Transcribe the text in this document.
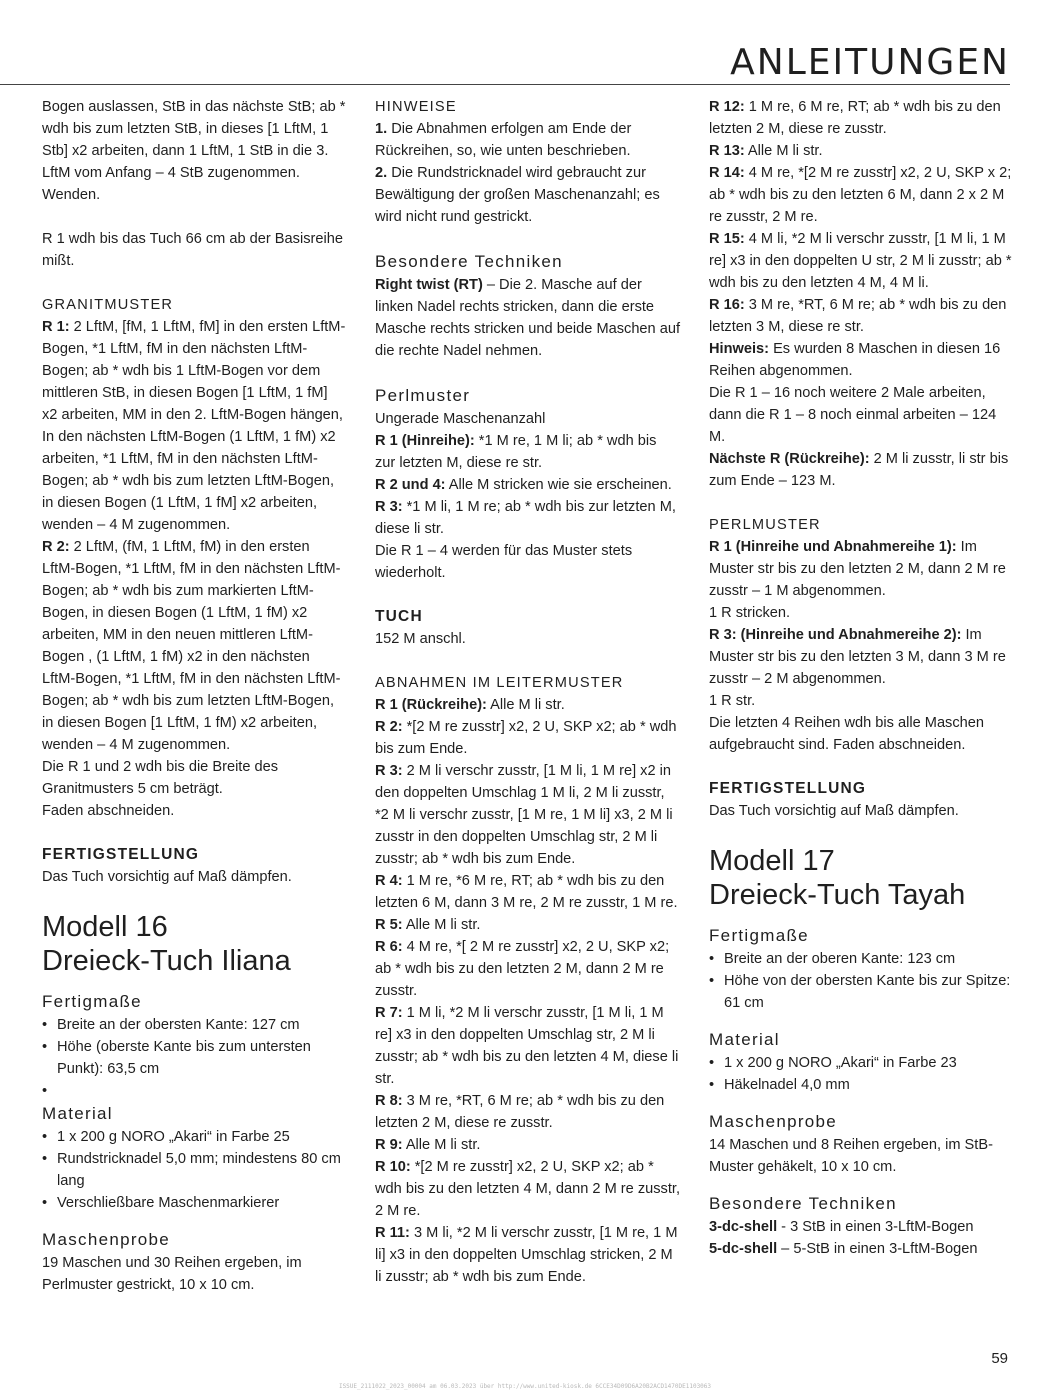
ANLEITUNGEN

Bogen auslassen, StB in das nächste StB; ab * wdh bis zum letzten StB, in dieses [1 LftM, 1 Stb] x2 arbeiten, dann 1 LftM, 1 StB in die 3. LftM vom Anfang – 4 StB zugenommen. Wenden.

R 1 wdh bis das Tuch 66 cm ab der Basisreihe mißt.

GRANITMUSTER

R 1: 2 LftM, [fM, 1 LftM, fM] in den ersten LftM-Bogen, *1 LftM, fM in den nächsten LftM-Bogen; ab * wdh bis 1 LftM-Bogen vor dem mittleren StB, in diesen Bogen [1 LftM, 1 fM] x2 arbeiten, MM in den 2. LftM-Bogen hängen, In den nächsten LftM-Bogen (1 LftM, 1 fM) x2 arbeiten, *1 LftM, fM in den nächsten LftM-Bogen; ab * wdh bis zum letzten LftM-Bogen, in diesen Bogen (1 LftM, 1 fM] x2 arbeiten, wenden – 4 M zugenommen.

R 2: 2 LftM, (fM, 1 LftM, fM) in den ersten LftM-Bogen, *1 LftM, fM in den nächsten LftM-Bogen; ab * wdh bis zum markierten LftM-Bogen, in diesen Bogen (1 LftM, 1 fM) x2 arbeiten, MM in den neuen mittleren LftM-Bogen , (1 LftM, 1 fM) x2 in den nächsten LftM-Bogen, *1 LftM, fM in den nächsten LftM-Bogen; ab * wdh bis zum letzten LftM-Bogen, in diesen Bogen [1 LftM, 1 fM) x2 arbeiten, wenden – 4 M zugenommen.

Die R 1 und 2 wdh bis die Breite des Granitmusters 5 cm beträgt.

Faden abschneiden.

FERTIGSTELLUNG

Das Tuch vorsichtig auf Maß dämpfen.

Modell 16
Dreieck-Tuch Iliana

Fertigmaße

• Breite an der obersten Kante: 127 cm
• Höhe (oberste Kante bis zum untersten Punkt): 63,5 cm
•

Material

• 1 x 200 g NORO „Akari“ in Farbe 25
• Rundstricknadel 5,0 mm; mindestens 80 cm lang
• Verschließbare Maschenmarkierer

Maschenprobe

19 Maschen und 30 Reihen ergeben, im Perlmuster gestrickt, 10 x 10 cm.

HINWEISE

1. Die Abnahmen erfolgen am Ende der Rückreihen, so, wie unten beschrieben.

2. Die Rundstricknadel wird gebraucht zur Bewältigung der großen Maschenanzahl; es wird nicht rund gestrickt.

Besondere Techniken

Right twist (RT) – Die 2. Masche auf der linken Nadel rechts stricken, dann die erste Masche rechts stricken und beide Maschen auf die rechte Nadel nehmen.

Perlmuster

Ungerade Maschenanzahl

R 1 (Hinreihe): *1 M re, 1 M li; ab * wdh bis zur letzten M, diese re str.

R 2 und 4: Alle M stricken wie sie erscheinen.

R 3: *1 M li, 1 M re; ab * wdh bis zur letzten M, diese li str.

Die R 1 – 4 werden für das Muster stets wiederholt.

TUCH

152 M anschl.

ABNAHMEN IM LEITERMUSTER

R 1 (Rückreihe): Alle M li str.

R 2: *[2 M re zusstr] x2, 2 U, SKP x2; ab * wdh bis zum Ende.

R 3: 2 M li verschr zusstr, [1 M li, 1 M re] x2 in den doppelten Umschlag 1 M li, 2 M li zusstr, *2 M li verschr zusstr, [1 M re, 1 M li] x3, 2 M li zusstr in den doppelten Umschlag str, 2 M li zusstr; ab * wdh bis zum Ende.

R 4: 1 M re, *6 M re, RT; ab * wdh bis zu den letzten 6 M, dann 3 M re, 2 M re zusstr, 1 M re.

R 5: Alle M li str.

R 6: 4 M re, *[ 2 M re zusstr] x2, 2 U, SKP x2; ab * wdh bis zu den letzten 2 M, dann 2 M re zusstr.

R 7: 1 M li, *2 M li verschr zusstr, [1 M li, 1 M re] x3 in den doppelten Umschlag str, 2 M li zusstr; ab * wdh bis zu den letzten 4 M, diese li str.

R 8: 3 M re, *RT, 6 M re; ab * wdh bis zu den letzten 2 M, diese re zusstr.

R 9: Alle M li str.

R 10: *[2 M re zusstr] x2, 2 U, SKP x2; ab * wdh bis zu den letzten 4 M, dann 2 M re zusstr, 2 M re.

R 11: 3 M li, *2 M li verschr zusstr, [1 M re, 1 M li] x3 in den doppelten Umschlag stricken, 2 M li zusstr; ab * wdh bis zum Ende.

R 12: 1 M re, 6 M re, RT; ab * wdh bis zu den letzten 2 M, diese re zusstr.

R 13: Alle M li str.

R 14: 4 M re, *[2 M re zusstr] x2, 2 U, SKP x 2; ab * wdh bis zu den letzten 6 M, dann 2 x 2 M re zusstr, 2 M re.

R 15: 4 M li, *2 M li verschr zusstr, [1 M li, 1 M re] x3 in den doppelten U str, 2 M li zusstr; ab * wdh bis zu den letzten 4 M, 4 M li.

R 16: 3 M re, *RT, 6 M re; ab * wdh bis zu den letzten 3 M, diese re str.

Hinweis: Es wurden 8 Maschen in diesen 16 Reihen abgenommen.

Die R 1 – 16 noch weitere 2 Male arbeiten, dann die R 1 – 8 noch einmal arbeiten – 124 M.

Nächste R (Rückreihe): 2 M li zusstr, li str bis zum Ende – 123 M.

PERLMUSTER

R 1 (Hinreihe und Abnahmereihe 1): Im Muster str bis zu den letzten 2 M, dann 2 M re zusstr – 1 M abgenommen.

1 R stricken.

R 3: (Hinreihe und Abnahmereihe 2): Im Muster str bis zu den letzten 3 M, dann 3 M re zusstr – 2 M abgenommen.

1 R str.

Die letzten 4 Reihen wdh bis alle Maschen aufgebraucht sind. Faden abschneiden.

FERTIGSTELLUNG

Das Tuch vorsichtig auf Maß dämpfen.

Modell 17
Dreieck-Tuch Tayah

Fertigmaße

• Breite an der oberen Kante: 123 cm
• Höhe von der obersten Kante bis zur Spitze: 61 cm

Material

• 1 x 200 g NORO „Akari“ in Farbe 23
• Häkelnadel 4,0 mm

Maschenprobe

14 Maschen und 8 Reihen ergeben, im StB-Muster gehäkelt, 10 x 10 cm.

Besondere Techniken

3-dc-shell - 3 StB in einen 3-LftM-Bogen

5-dc-shell – 5-StB in einen 3-LftM-Bogen

59
ISSUE_2111022_2023_00004 am 06.03.2023 über http://www.united-kiosk.de 6CCE34D09D6A20B2ACD1470DE1103063
